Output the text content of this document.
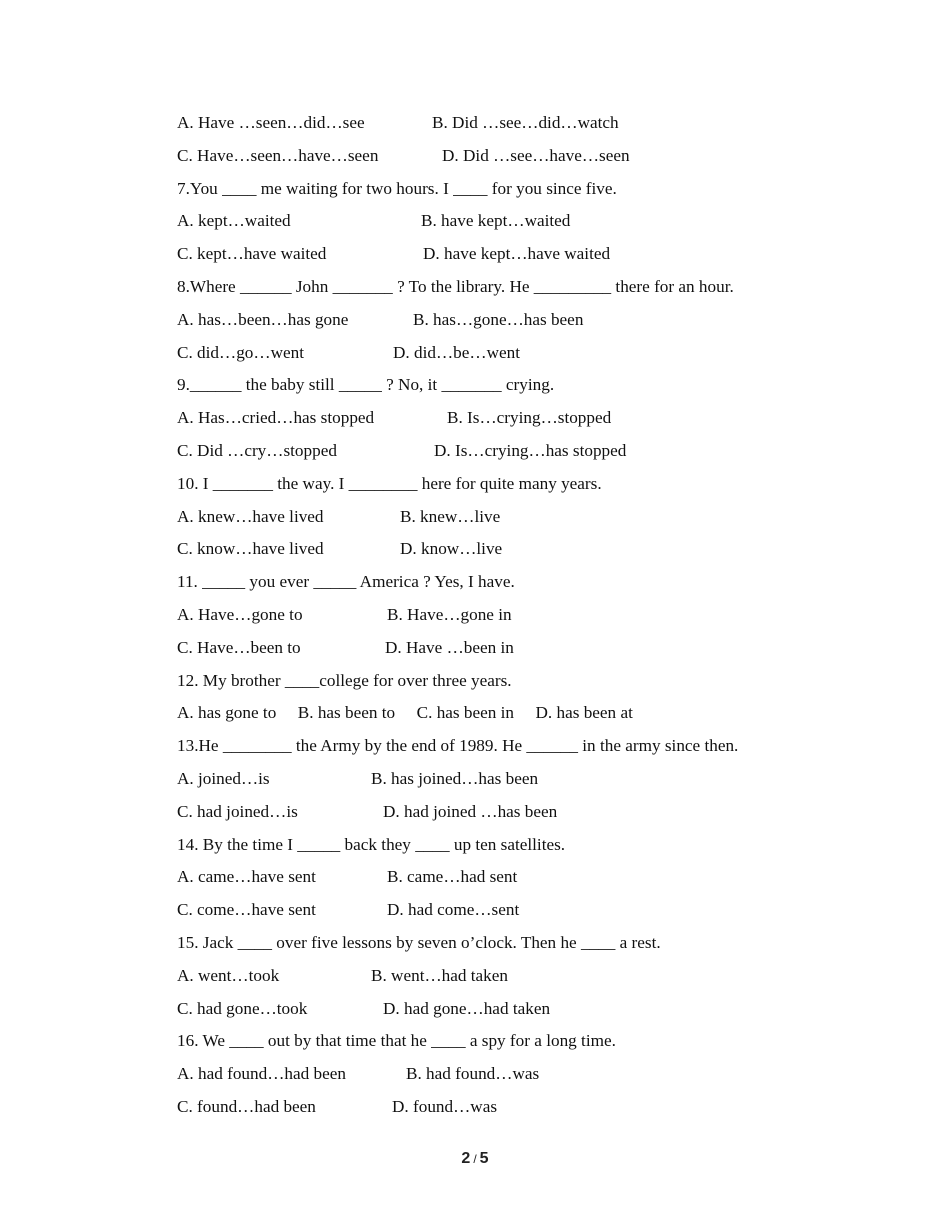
A. Have …seen…did…see	B. Did …see…did…watch
C. Have…seen…have…seen	D. Did …see…have…seen
7.You ____ me waiting for two hours. I ____ for you since five.
A. kept…waited	B. have kept…waited
C. kept…have waited	D. have kept…have waited
8.Where ______ John _______ ? To the library. He _________ there for an hour.
A. has…been…has gone	B. has…gone…has been
C. did…go…went	D. did…be…went
9.______ the baby still _____ ? No, it _______ crying.
A. Has…cried…has stopped	B. Is…crying…stopped
C. Did …cry…stopped	D. Is…crying…has stopped
10. I _______ the way. I ________ here for quite many years.
A. knew…have lived	B. knew…live
C. know…have lived	D. know…live
11. _____ you ever _____ America ? Yes, I have.
A. Have…gone to	B. Have…gone in
C. Have…been to	D. Have …been in
12. My brother ____college for over three years.
A. has gone to     B. has been to     C. has been in     D. has been at
13.He ________ the Army by the end of 1989. He ______ in the army since then.
A. joined…is	B. has joined…has been
C. had joined…is	D. had joined …has been
14. By the time I _____ back they ____ up ten satellites.
A. came…have sent	B. came…had sent
C. come…have sent	D. had come…sent
15. Jack ____ over five lessons by seven o’clock. Then he ____ a rest.
A. went…took	B. went…had taken
C. had gone…took	D. had gone…had taken
16. We ____ out by that time that he ____ a spy for a long time.
A. had found…had been	B. had found…was
C. found…had been	D. found…was
2 / 5
